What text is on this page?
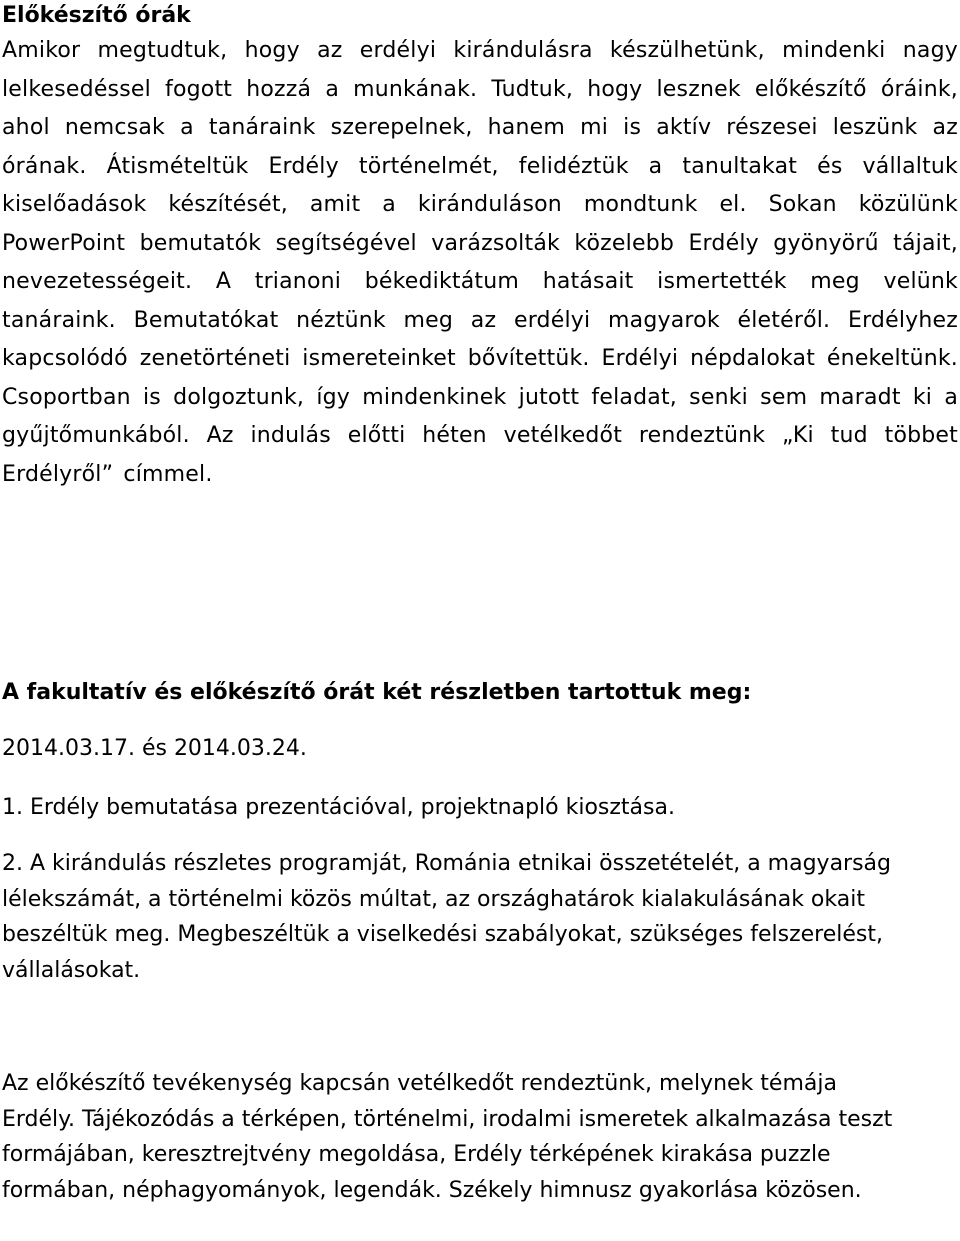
Előkészítő órák

Amikor megtudtuk, hogy az erdélyi kirándulásra készülhetünk, mindenki nagy lelkesedéssel fogott hozzá a munkának. Tudtuk, hogy lesznek előkészítő óráink, ahol nemcsak a tanáraink szerepelnek, hanem mi is aktív részesei leszünk az órának. Átismételtük Erdély történelmét, felidéztük a tanultakat és vállaltuk kiselőadások készítését, amit a kiránduláson mondtunk el. Sokan közülünk PowerPoint bemutatók segítségével varázsolták közelebb Erdély gyönyörű tájait, nevezetességeit. A trianoni békediktátum hatásait ismertették meg velünk tanáraink. Bemutatókat néztünk meg az erdélyi magyarok életéről. Erdélyhez kapcsolódó zenetörténeti ismereteinket bővítettük. Erdélyi népdalokat énekeltünk. Csoportban is dolgoztunk, így mindenkinek jutott feladat, senki sem maradt ki a gyűjtőmunkából. Az indulás előtti héten vetélkedőt rendeztünk „Ki tud többet Erdélyről” címmel.

A fakultatív és előkészítő órát két részletben tartottuk meg:

2014.03.17. és 2014.03.24.

1. Erdély bemutatása prezentációval, projektnapló kiosztása.

2. A kirándulás részletes programját, Románia etnikai összetételét, a magyarság lélekszámát, a történelmi közös múltat, az országhatárok kialakulásának okait beszéltük meg. Megbeszéltük a viselkedési szabályokat, szükséges felszerelést, vállalásokat.

Az előkészítő tevékenység kapcsán vetélkedőt rendeztünk, melynek témája Erdély. Tájékozódás a térképen, történelmi, irodalmi ismeretek alkalmazása teszt formájában, keresztrejtvény megoldása, Erdély térképének kirakása puzzle formában, néphagyományok, legendák. Székely himnusz gyakorlása közösen.
